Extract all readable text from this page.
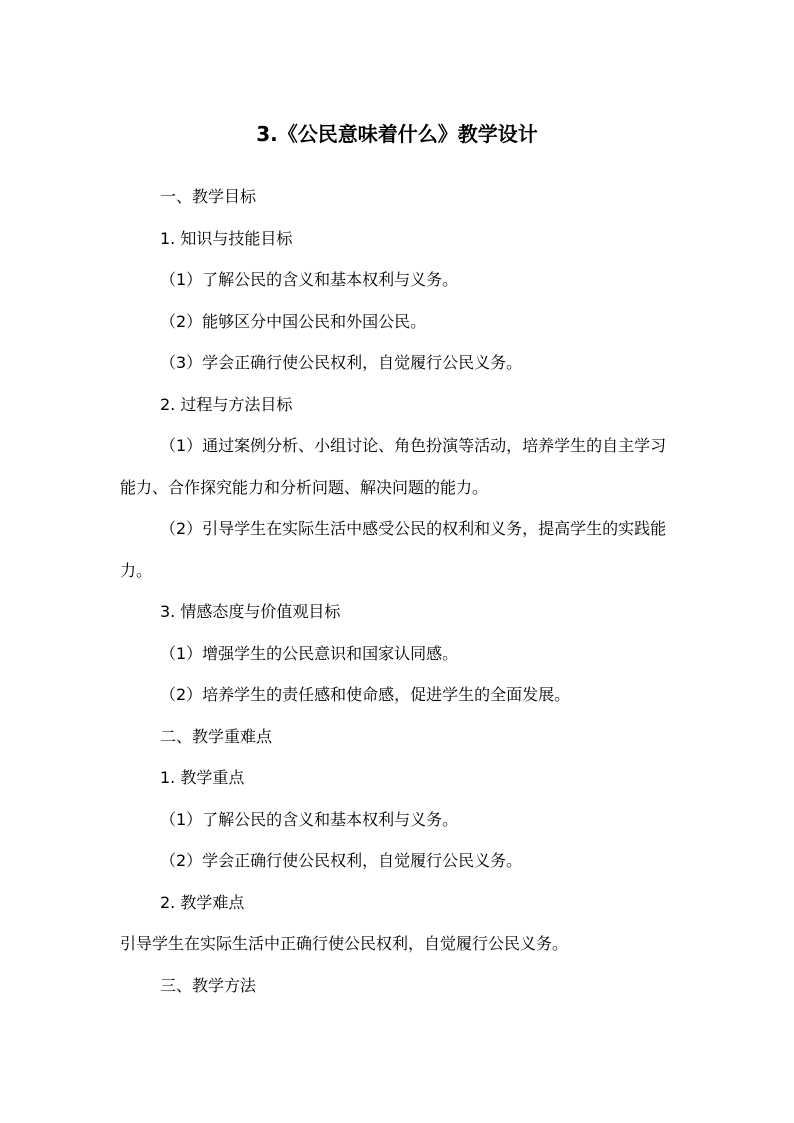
3.《公民意味着什么》教学设计

一、教学目标

1. 知识与技能目标

（1）了解公民的含义和基本权利与义务。

（2）能够区分中国公民和外国公民。

（3）学会正确行使公民权利，自觉履行公民义务。

2. 过程与方法目标

（1）通过案例分析、小组讨论、角色扮演等活动，培养学生的自主学习能力、合作探究能力和分析问题、解决问题的能力。

（2）引导学生在实际生活中感受公民的权利和义务，提高学生的实践能力。

3. 情感态度与价值观目标

（1）增强学生的公民意识和国家认同感。

（2）培养学生的责任感和使命感，促进学生的全面发展。

二、教学重难点

1. 教学重点

（1）了解公民的含义和基本权利与义务。

（2）学会正确行使公民权利，自觉履行公民义务。

2. 教学难点

引导学生在实际生活中正确行使公民权利，自觉履行公民义务。

三、教学方法
